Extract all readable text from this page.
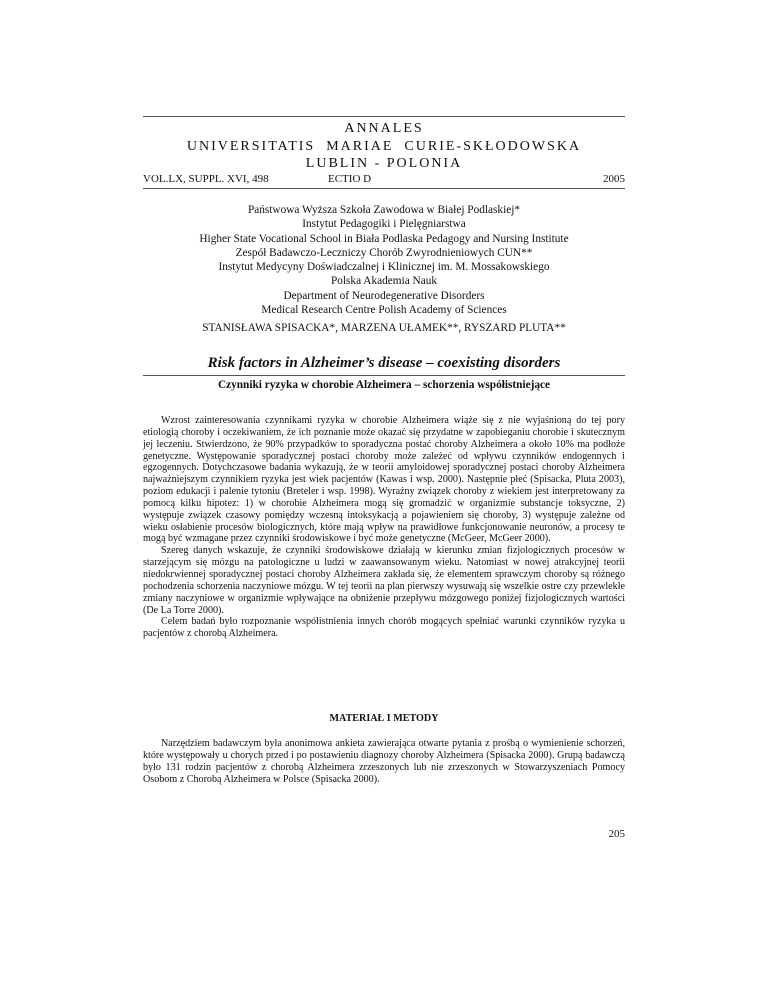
ANNALES
UNIVERSITATIS  MARIAE  CURIE-SKŁODOWSKA
LUBLIN - POLONIA
VOL.LX, SUPPL. XVI, 498	ECTIO D	2005
Państwowa Wyższa Szkoła Zawodowa w Białej Podlaskiej*
Instytut Pedagogiki i Pielęgniarstwa
Higher State Vocational School in Biała Podlaska Pedagogy and Nursing Institute
Zespół Badawczo-Leczniczy Chorób Zwyrodnieniowych CUN**
Instytut Medycyny Doświadczalnej i Klinicznej im. M. Mossakowskiego
Polska Akademia Nauk
Department of Neurodegenerative Disorders
Medical Research Centre Polish Academy of Sciences
STANISŁAWA SPISACKA*, MARZENA UŁAMEK**, RYSZARD PLUTA**
Risk factors in Alzheimer’s disease – coexisting disorders
Czynniki ryzyka w chorobie Alzheimera – schorzenia współistniejące

Wzrost zainteresowania czynnikami ryzyka w chorobie Alzheimera wiąże się z nie wyjaśnioną do tej pory etiologią choroby i oczekiwaniem, że ich poznanie może okazać się przydatne w zapobieganiu chorobie i skutecznym jej leczeniu. Stwierdzono, że 90% przypadków to sporadyczna postać choroby Alzheimera a około 10% ma podłoże genetyczne. Występowanie sporadycznej postaci choroby może zależeć od wpływu czynników endogennych i egzogennych. Dotychczasowe badania wykazują, że w teorii amyloidowej sporadycznej postaci choroby Alzheimera najważniejszym czynnikiem ryzyka jest wiek pacjentów (Kawas i wsp. 2000). Następnie płeć (Spisacka, Pluta 2003), poziom edukacji i palenie tytoniu (Breteler i wsp. 1998). Wyraźny związek choroby z wiekiem jest interpretowany za pomocą kilku hipotez: 1) w chorobie Alzheimera mogą się gromadzić w organizmie substancje toksyczne, 2) występuje związek czasowy pomiędzy wczesną intoksykacją a pojawieniem się choroby, 3) występuje zależne od wieku osłabienie procesów biologicznych, które mają wpływ na prawidłowe funkcjonowanie neuronów, a procesy te mogą być wzmagane przez czynniki środowiskowe i być może genetyczne (McGeer, McGeer 2000).

Szereg danych wskazuje, że czynniki środowiskowe działają w kierunku zmian fizjologicznych procesów w starzejącym się mózgu na patologiczne u ludzi w zaawansowanym wieku. Natomiast w nowej atrakcyjnej teorii niedokrwiennej sporadycznej postaci choroby Alzheimera zakłada się, że elementem sprawczym choroby są różnego pochodzenia schorzenia naczyniowe mózgu. W tej teorii na plan pierwszy wysuwają się wszelkie ostre czy przewlekłe zmiany naczyniowe w organizmie wpływające na obniżenie przepływu mózgowego poniżej fizjologicznych wartości (De La Torre 2000).

Celem badań było rozpoznanie współistnienia innych chorób mogących spełniać warunki czynników ryzyka u pacjentów z chorobą Alzheimera.

MATERIAŁ I METODY

Narzędziem badawczym była anonimowa ankieta zawierająca otwarte pytania z prośbą o wymienienie schorzeń, które występowały u chorych przed i po postawieniu diagnozy choroby Alzheimera (Spisacka 2000). Grupą badawczą było 131 rodzin pacjentów z chorobą Alzheimera zrzeszonych lub nie zrzeszonych w Stowarzyszeniach Pomocy Osobom z Chorobą Alzheimera w Polsce (Spisacka 2000).

205
